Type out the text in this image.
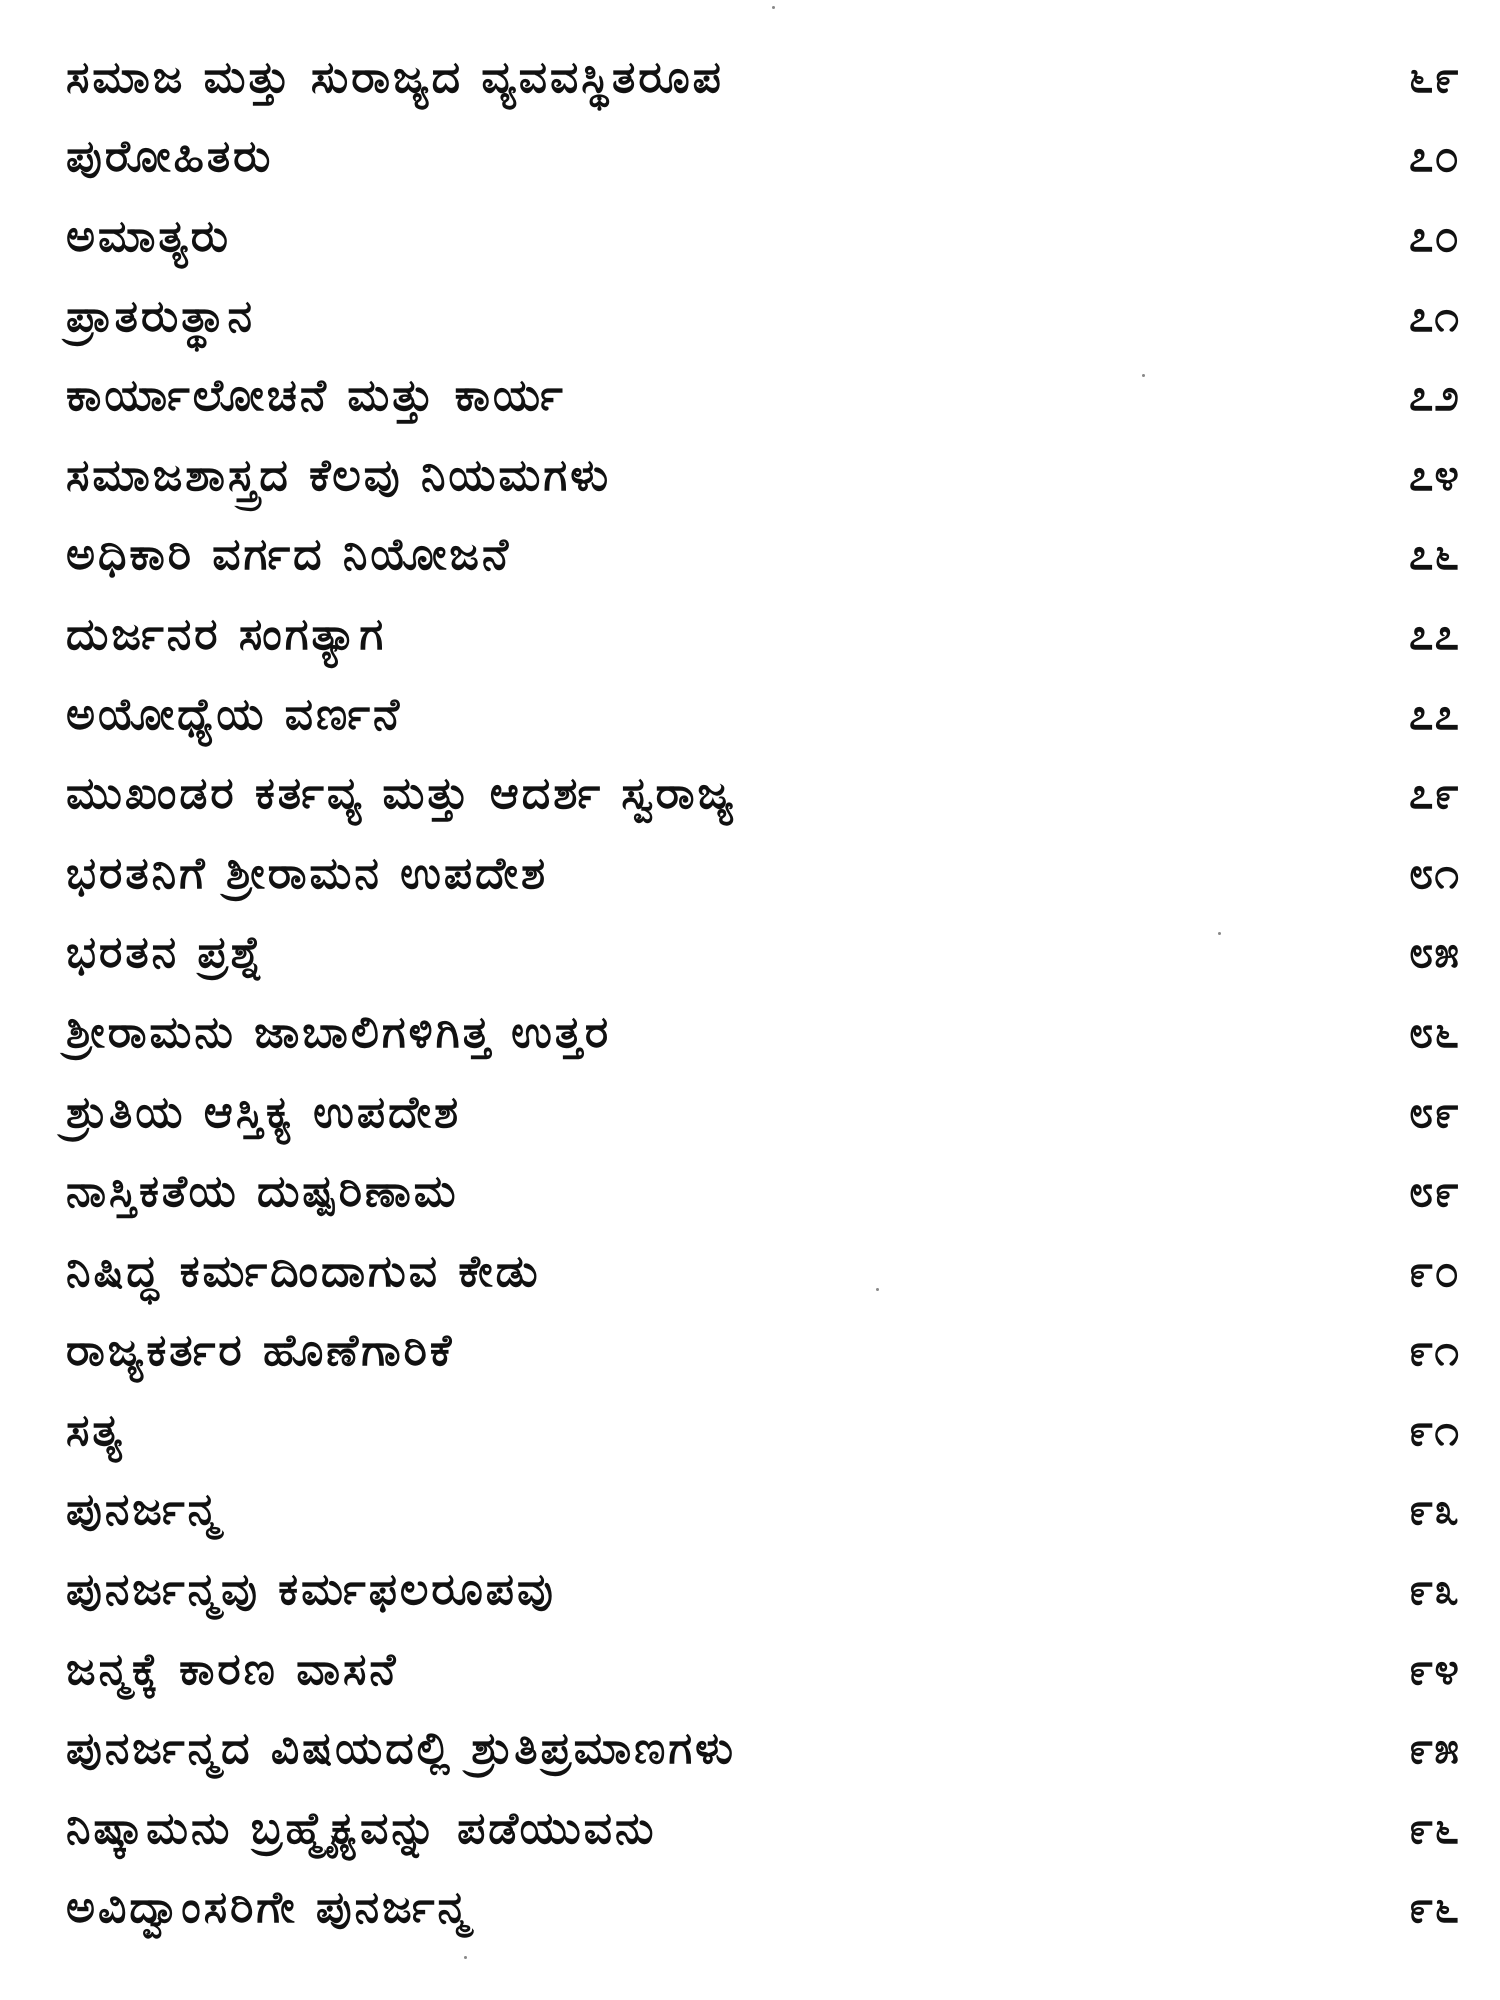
ಸಮಾಜ ಮತ್ತು ಸುರಾಜ್ಯದ ವ್ಯವವಸ್ಥಿತರೂಪ	೬೯
ಪುರೋಹಿತರು	೭೦
ಅಮಾತ್ಯರು	೭೦
ಪ್ರಾತರುತ್ಥಾನ	೭೧
ಕಾರ್ಯಾಲೋಚನೆ ಮತ್ತು ಕಾರ್ಯ	೭೨
ಸಮಾಜಶಾಸ್ತ್ರದ ಕೆಲವು ನಿಯಮಗಳು	೭೪
ಅಧಿಕಾರಿ ವರ್ಗದ ನಿಯೋಜನೆ	೭೬
ದುರ್ಜನರ ಸಂಗತ್ಯಾಗ	೭೭
ಅಯೋಧ್ಯೆಯ ವರ್ಣನೆ	೭೭
ಮುಖಂಡರ ಕರ್ತವ್ಯ ಮತ್ತು ಆದರ್ಶ ಸ್ವರಾಜ್ಯ	೭೯
ಭರತನಿಗೆ ಶ್ರೀರಾಮನ ಉಪದೇಶ	೮೧
ಭರತನ ಪ್ರಶ್ನೆ	೮೫
ಶ್ರೀರಾಮನು ಜಾಬಾಲಿಗಳಿಗಿತ್ತ ಉತ್ತರ	೮೬
ಶ್ರುತಿಯ ಆಸ್ತಿಕ್ಯ ಉಪದೇಶ	೮೯
ನಾಸ್ತಿಕತೆಯ ದುಷ್ಪರಿಣಾಮ	೮೯
ನಿಷಿದ್ಧ ಕರ್ಮದಿಂದಾಗುವ ಕೇಡು	೯೦
ರಾಜ್ಯಕರ್ತರ ಹೊಣೆಗಾರಿಕೆ	೯೧
ಸತ್ಯ	೯೧
ಪುನರ್ಜನ್ಮ	೯೩
ಪುನರ್ಜನ್ಮವು ಕರ್ಮಫಲರೂಪವು	೯೩
ಜನ್ಮಕ್ಕೆ ಕಾರಣ ವಾಸನೆ	೯೪
ಪುನರ್ಜನ್ಮದ ವಿಷಯದಲ್ಲಿ ಶ್ರುತಿಪ್ರಮಾಣಗಳು	೯೫
ನಿಷ್ಕಾಮನು ಬ್ರಹ್ಮೈಕ್ಯವನ್ನು ಪಡೆಯುವನು	೯೬
ಅವಿದ್ವಾಂಸರಿಗೇ ಪುನರ್ಜನ್ಮ	೯೬
